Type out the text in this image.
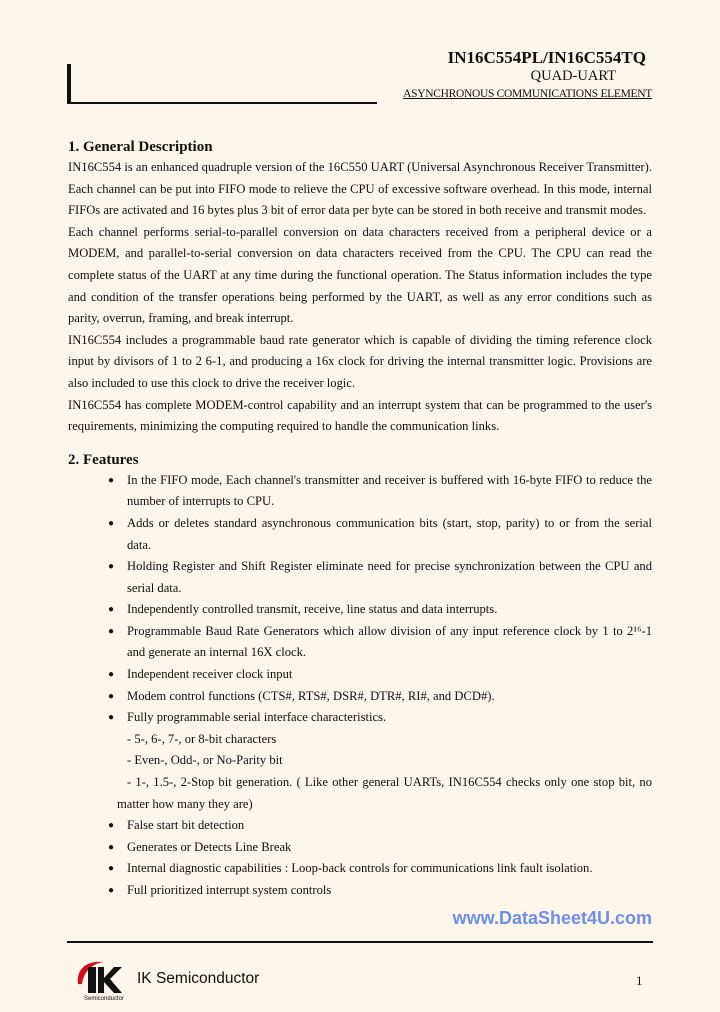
IN16C554PL/IN16C554TQ
QUAD-UART
ASYNCHRONOUS COMMUNICATIONS ELEMENT
1. General Description
IN16C554 is an enhanced quadruple version of the 16C550 UART (Universal Asynchronous Receiver Transmitter). Each channel can be put into FIFO mode to relieve the CPU of excessive software overhead. In this mode, internal FIFOs are activated and 16 bytes plus 3 bit of error data per byte can be stored in both receive and transmit modes.
Each channel performs serial-to-parallel conversion on data characters received from a peripheral device or a MODEM, and parallel-to-serial conversion on data characters received from the CPU. The CPU can read the complete status of the UART at any time during the functional operation. The Status information includes the type and condition of the transfer operations being performed by the UART, as well as any error conditions such as parity, overrun, framing, and break interrupt.
IN16C554 includes a programmable baud rate generator which is capable of dividing the timing reference clock input by divisors of 1 to 2 6-1, and producing a 16x clock for driving the internal transmitter logic. Provisions are also included to use this clock to drive the receiver logic.
IN16C554 has complete MODEM-control capability and an interrupt system that can be programmed to the user's requirements, minimizing the computing required to handle the communication links.
2. Features
●	In the FIFO mode, Each channel's transmitter and receiver is buffered with 16-byte FIFO to reduce the number of interrupts to CPU.
●	Adds or deletes standard asynchronous communication bits (start, stop, parity) to or from the serial data.
●	Holding Register and Shift Register eliminate need for precise synchronization between the CPU and serial data.
●	Independently controlled transmit, receive, line status and data interrupts.
●	Programmable Baud Rate Generators which allow division of any input reference clock by 1 to 2¹⁶-1 and generate an internal 16X clock.
●	Independent receiver clock input
●	Modem control functions (CTS#, RTS#, DSR#, DTR#, RI#, and DCD#).
●	Fully programmable serial interface characteristics.
- 5-, 6-, 7-, or 8-bit characters
- Even-, Odd-, or No-Parity bit
- 1-, 1.5-, 2-Stop bit generation. ( Like other general UARTs, IN16C554 checks only one stop bit, no matter how many they are)
●	False start bit detection
●	Generates or Detects Line Break
●	Internal diagnostic capabilities : Loop-back controls for communications link fault isolation.
●	Full prioritized interrupt system controls
www.DataSheet4U.com
Semiconductor
IK Semiconductor	1
